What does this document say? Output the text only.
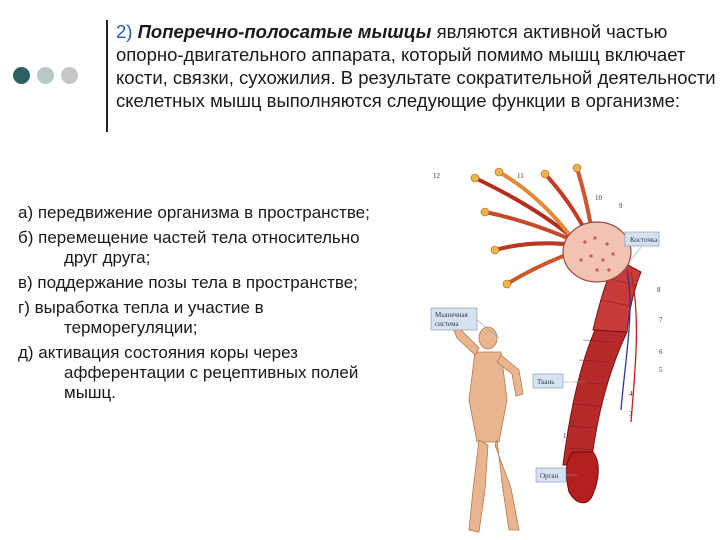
2) Поперечно-полосатые мышцы являются активной частью опорно-двигательного аппарата, который помимо мышц включает кости, связки, сухожилия. В результате сократительной деятельности скелетных мышц выполняются следующие функции в организме:

а) передвижение организма в пространстве;
б) перемещение частей тела относительно друг друга;
в) поддержание позы тела в пространстве;
г) выработка тепла и участие в терморегуляции;
д) активация состояния коры через афферентации с рецептивных полей мышц.
Косточка
Мышечная
система
Ткань
Орган
12	11
10
9
8
7
6
5
4
3
2
1
